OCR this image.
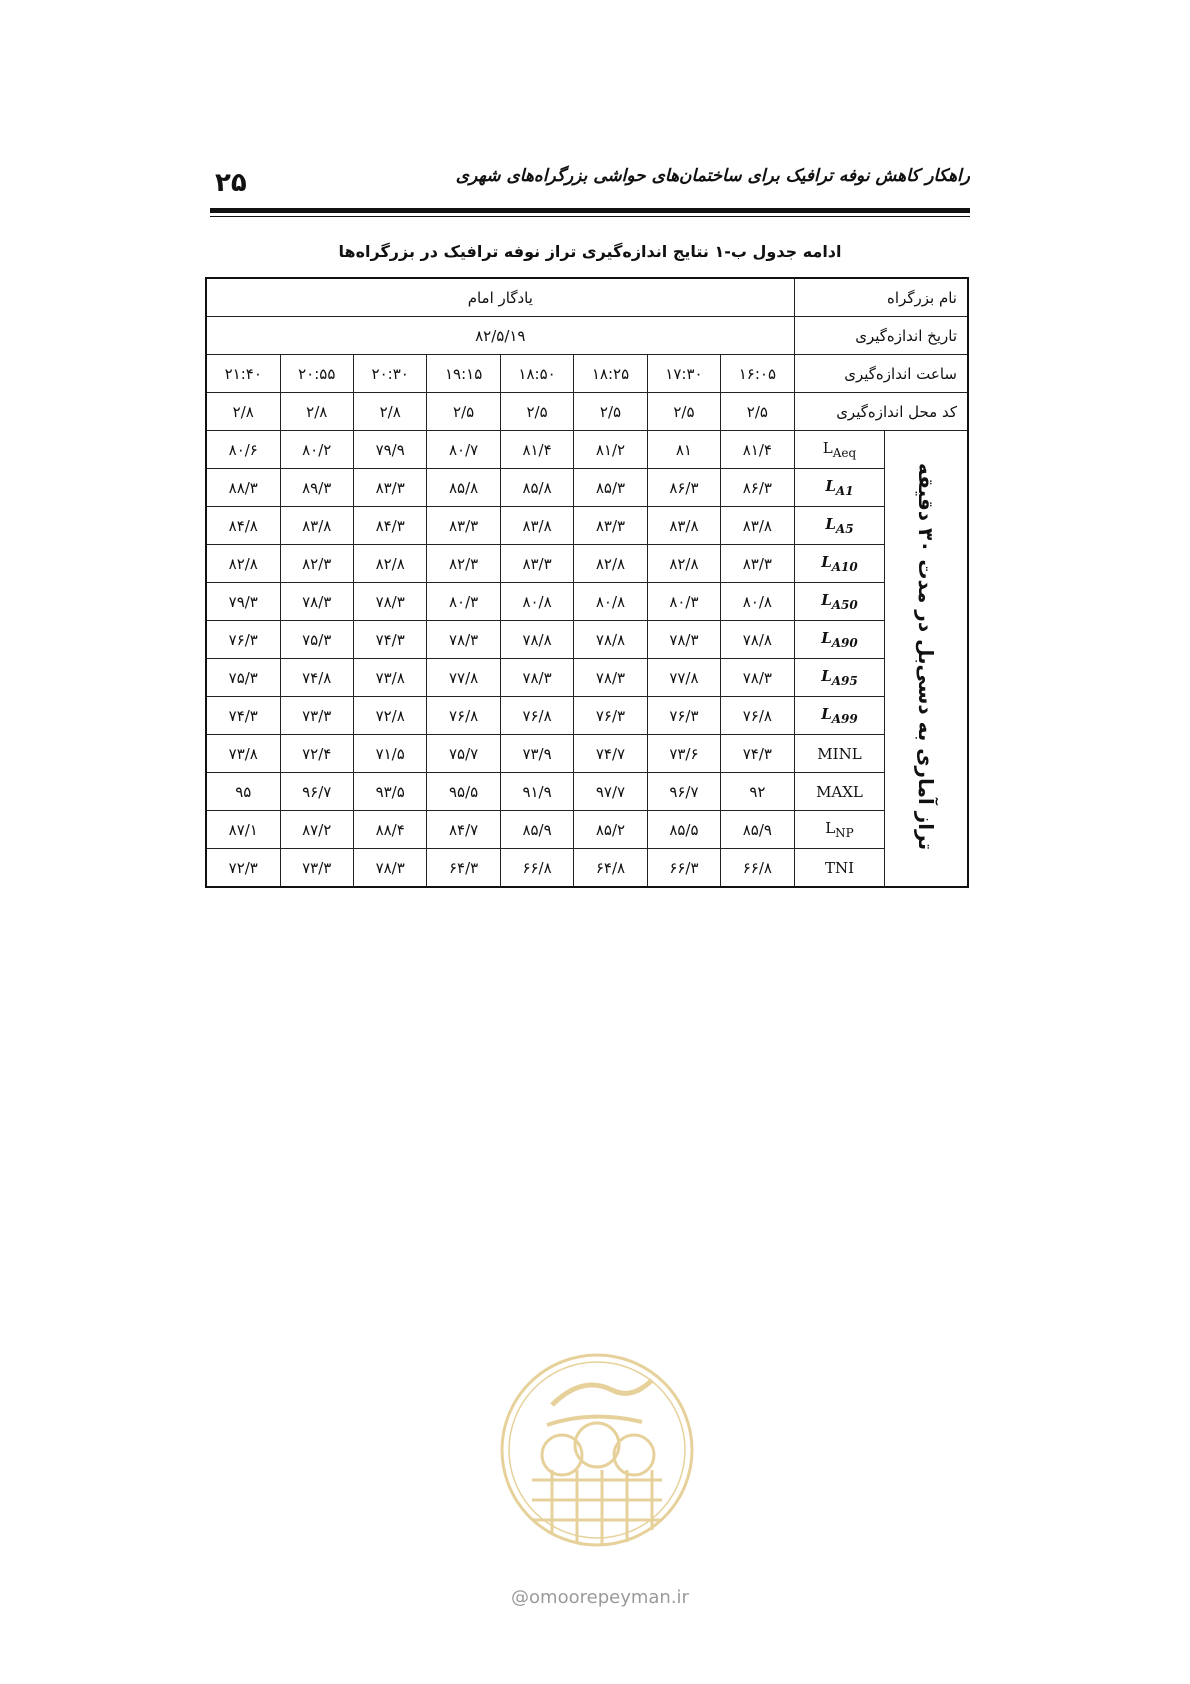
۲۵	راهکار کاهش نوفه ترافیک برای ساختمان‌های حواشی بزرگراه‌های شهری
ادامه جدول ب-۱ نتایج اندازه‌گیری تراز نوفه ترافیک در بزرگراه‌ها
نام بزرگراه		یادگار امام							
تاریخ اندازه‌گیری		۸۲/۵/۱۹							
ساعت اندازه‌گیری		۱۶:۰۵	۱۷:۳۰	۱۸:۲۵	۱۸:۵۰	۱۹:۱۵	۲۰:۳۰	۲۰:۵۵	۲۱:۴۰
کد محل اندازه‌گیری		۲/۵	۲/۵	۲/۵	۲/۵	۲/۵	۲/۸	۲/۸	۲/۸
تراز آماری به دسی‌بل در مدت ۳۰ دقیقه	$L_{Aeq}$	۸۱/۴	۸۱	۸۱/۲	۸۱/۴	۸۰/۷	۷۹/۹	۸۰/۲	۸۰/۶
	$L_{A1}$	۸۶/۳	۸۶/۳	۸۵/۳	۸۵/۸	۸۵/۸	۸۳/۳	۸۹/۳	۸۸/۳
	$L_{A5}$	۸۳/۸	۸۳/۸	۸۳/۳	۸۳/۸	۸۳/۳	۸۴/۳	۸۳/۸	۸۴/۸
	$L_{A10}$	۸۳/۳	۸۲/۸	۸۲/۸	۸۳/۳	۸۲/۳	۸۲/۸	۸۲/۳	۸۲/۸
	$L_{A50}$	۸۰/۸	۸۰/۳	۸۰/۸	۸۰/۸	۸۰/۳	۷۸/۳	۷۸/۳	۷۹/۳
	$L_{A90}$	۷۸/۸	۷۸/۳	۷۸/۸	۷۸/۸	۷۸/۳	۷۴/۳	۷۵/۳	۷۶/۳
	$L_{A95}$	۷۸/۳	۷۷/۸	۷۸/۳	۷۸/۳	۷۷/۸	۷۳/۸	۷۴/۸	۷۵/۳
	$L_{A99}$	۷۶/۸	۷۶/۳	۷۶/۳	۷۶/۸	۷۶/۸	۷۲/۸	۷۳/۳	۷۴/۳
	MINL	۷۴/۳	۷۳/۶	۷۴/۷	۷۳/۹	۷۵/۷	۷۱/۵	۷۲/۴	۷۳/۸
	MAXL	۹۲	۹۶/۷	۹۷/۷	۹۱/۹	۹۵/۵	۹۳/۵	۹۶/۷	۹۵
	$L_{NP}$	۸۵/۹	۸۵/۵	۸۵/۲	۸۵/۹	۸۴/۷	۸۸/۴	۸۷/۲	۸۷/۱
	TNI	۶۶/۸	۶۶/۳	۶۴/۸	۶۶/۸	۶۴/۳	۷۸/۳	۷۳/۳	۷۲/۳
@omoorepeyman.ir
